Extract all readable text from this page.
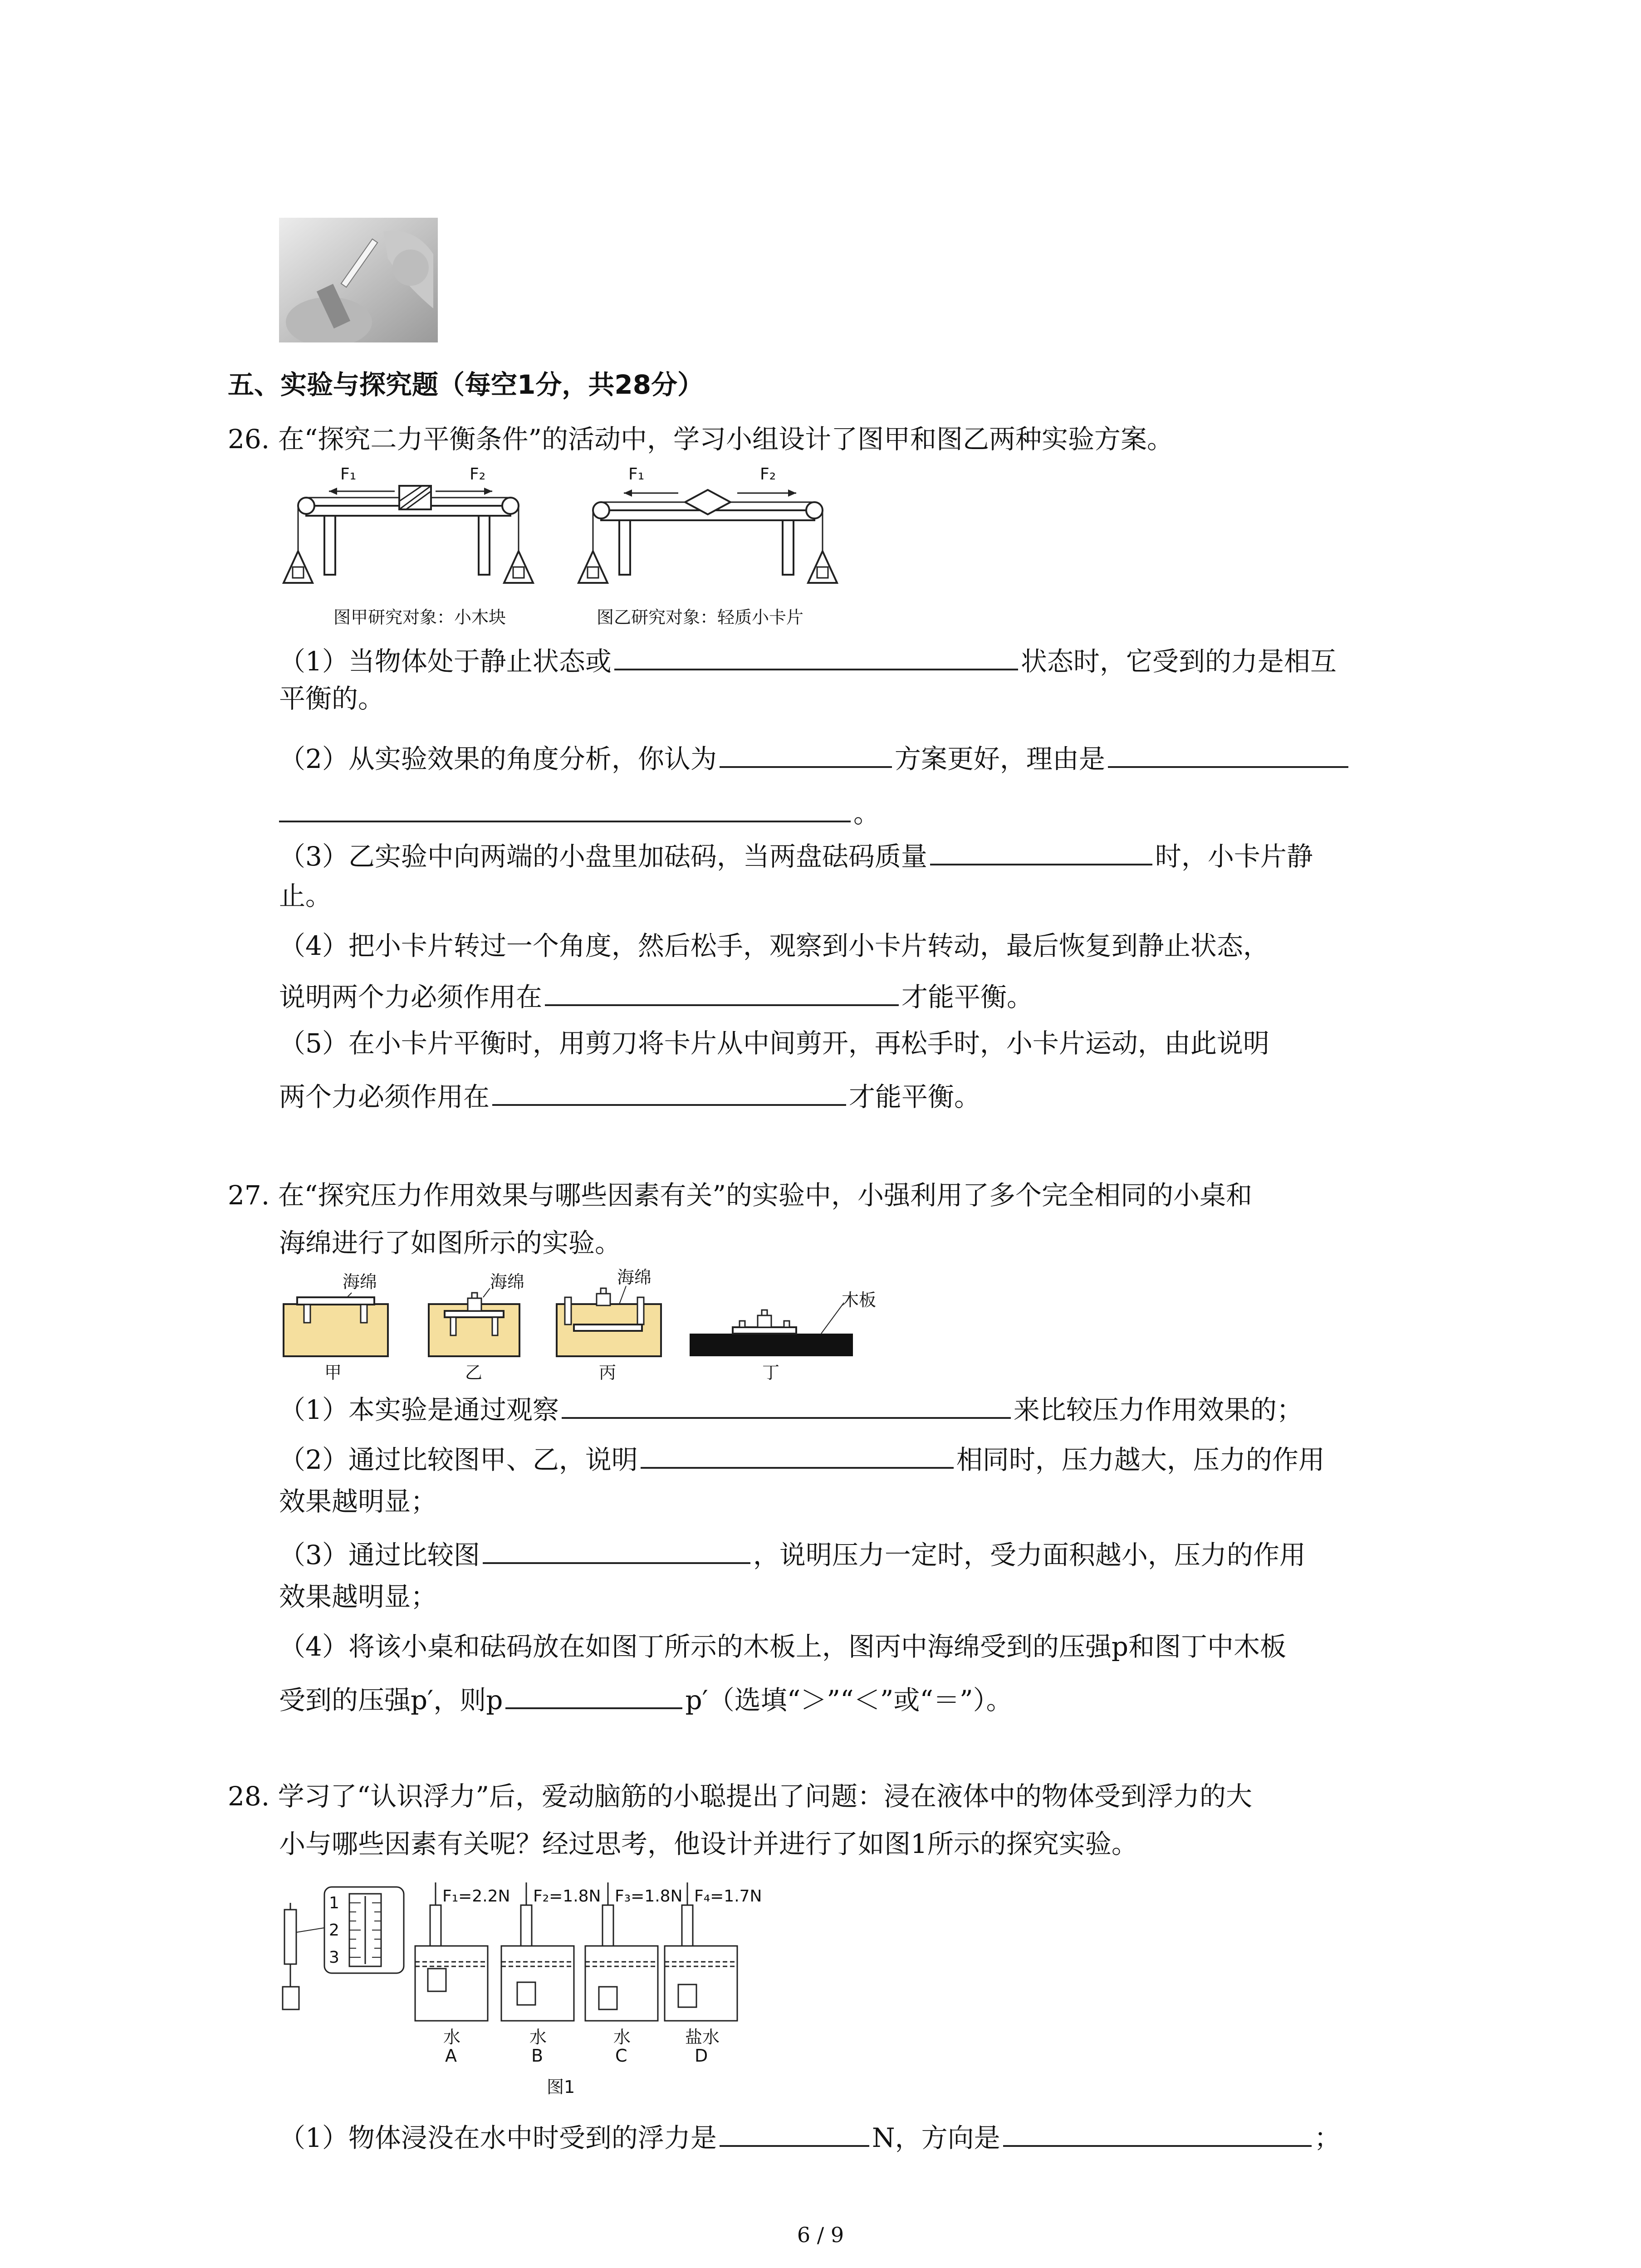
五、实验与探究题（每空1分，共28分）
26. 在“探究二力平衡条件”的活动中，学习小组设计了图甲和图乙两种实验方案。
F₁	F₂
图甲研究对象：小木块
F₁	F₂
图乙研究对象：轻质小卡片
（1）当物体处于静止状态或	状态时，它受到的力是相互
平衡的。
（2）从实验效果的角度分析，你认为	方案更好，理由是
。
（3）乙实验中向两端的小盘里加砝码，当两盘砝码质量	时，小卡片静
止。
（4）把小卡片转过一个角度，然后松手，观察到小卡片转动，最后恢复到静止状态，
说明两个力必须作用在	才能平衡。
（5）在小卡片平衡时，用剪刀将卡片从中间剪开，再松手时，小卡片运动，由此说明
两个力必须作用在	才能平衡。
27. 在“探究压力作用效果与哪些因素有关”的实验中，小强利用了多个完全相同的小桌和
海绵进行了如图所示的实验。
海绵	海绵	海绵
木板
甲	乙	丙	丁
（1）本实验是通过观察	来比较压力作用效果的；
（2）通过比较图甲、乙，说明	相同时，压力越大，压力的作用
效果越明显；
（3）通过比较图	，说明压力一定时，受力面积越小，压力的作用
效果越明显；
（4）将该小桌和砝码放在如图丁所示的木板上，图丙中海绵受到的压强p和图丁中木板
受到的压强p′，则p	p′（选填“＞”“＜”或“＝”）。
28. 学习了“认识浮力”后，爱动脑筋的小聪提出了问题：浸在液体中的物体受到浮力的大
小与哪些因素有关呢？经过思考，他设计并进行了如图1所示的探究实验。
1
2
3
F₁=2.2N F₂=1.8N F₃=1.8N F₄=1.7N
水	水	水	盐水
A	B	C	D
图1
（1）物体浸没在水中时受到的浮力是	N，方向是	；
6 / 9
